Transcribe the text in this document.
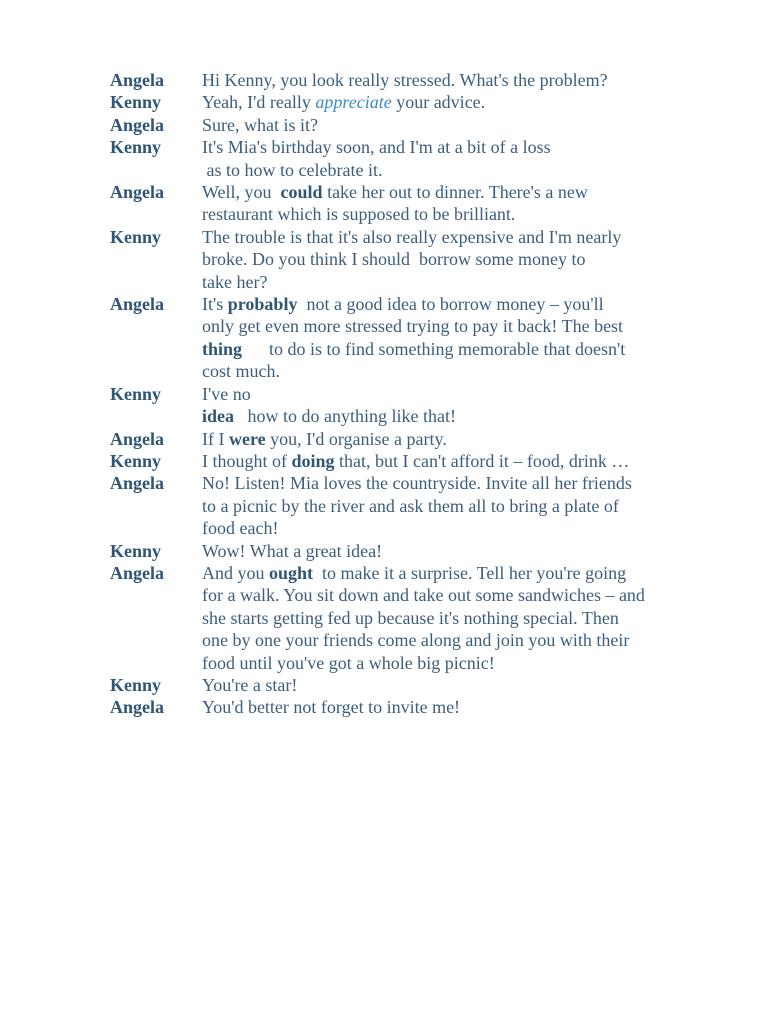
Angela	Hi Kenny, you look really stressed. What's the problem?
Kenny	Yeah, I'd really appreciate your advice.
Angela	Sure, what is it?
Kenny	It's Mia's birthday soon, and I'm at a bit of a loss
as to how to celebrate it.
Angela	Well, you  could take her out to dinner. There's a new
restaurant which is supposed to be brilliant.
Kenny	The trouble is that it's also really expensive and I'm nearly
broke. Do you think I should  borrow some money to
take her?
Angela	It's probably  not a good idea to borrow money – you'll
only get even more stressed trying to pay it back! The best
thing      to do is to find something memorable that doesn't
cost much.
Kenny	I've no
idea   how to do anything like that!
Angela	If I were you, I'd organise a party.
Kenny	I thought of doing that, but I can't afford it – food, drink …
Angela	No! Listen! Mia loves the countryside. Invite all her friends
to a picnic by the river and ask them all to bring a plate of
food each!
Kenny	Wow! What a great idea!
Angela	And you ought  to make it a surprise. Tell her you're going
for a walk. You sit down and take out some sandwiches – and
she starts getting fed up because it's nothing special. Then
one by one your friends come along and join you with their
food until you've got a whole big picnic!
Kenny	You're a star!
Angela	You'd better not forget to invite me!
